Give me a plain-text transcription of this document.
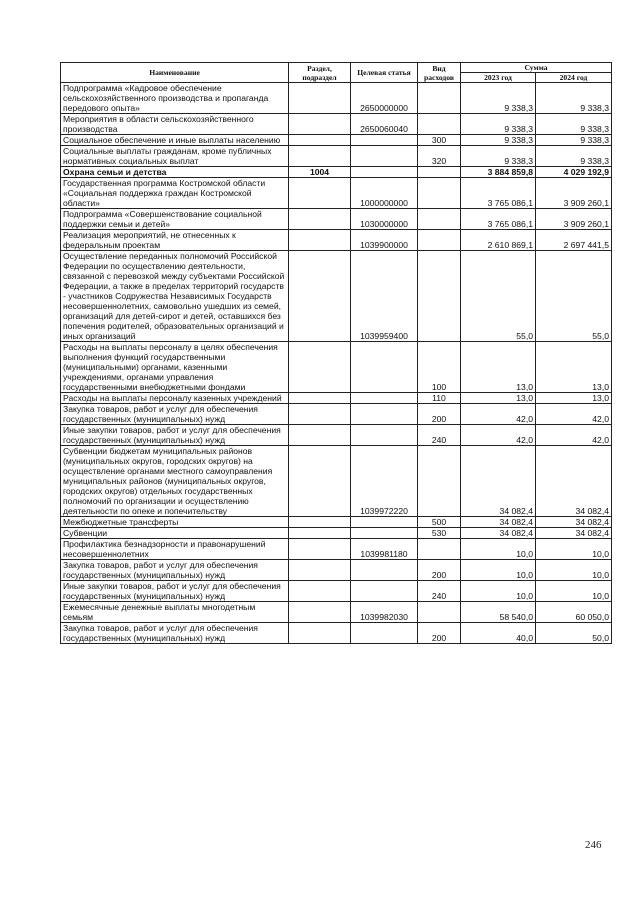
Наименование	Раздел, подраздел	Целевая статья	Вид расходов	Сумма	
				2023 год	2024 год
Подпрограмма «Кадровое обеспечение сельскохозяйственного производства и пропаганда передового опыта»		2650000000		9 338,3	9 338,3
Мероприятия в области сельскохозяйственного производства		2650060040		9 338,3	9 338,3
Социальное обеспечение и иные выплаты населению			300	9 338,3	9 338,3
Социальные выплаты гражданам, кроме публичных нормативных социальных выплат			320	9 338,3	9 338,3
Охрана семьи и детства	1004			3 884 859,8	4 029 192,9
Государственная программа Костромской области «Социальная поддержка граждан Костромской области»		1000000000		3 765 086,1	3 909 260,1
Подпрограмма «Совершенствование социальной поддержки семьи и детей»		1030000000		3 765 086,1	3 909 260,1
Реализация мероприятий, не отнесенных к федеральным проектам		1039900000		2 610 869,1	2 697 441,5
Осуществление переданных полномочий Российской Федерации по осуществлению деятельности, связанной с перевозкой между субъектами Российской Федерации, а также в пределах территорий государств - участников Содружества Независимых Государств несовершеннолетних, самовольно ушедших из семей, организаций для детей-сирот и детей, оставшихся без попечения родителей, образовательных организаций и иных организаций		1039959400		55,0	55,0
Расходы на выплаты персоналу в целях обеспечения выполнения функций государственными (муниципальными) органами, казенными учреждениями, органами управления государственными внебюджетными фондами			100	13,0	13,0
Расходы на выплаты персоналу казенных учреждений			110	13,0	13,0
Закупка товаров, работ и услуг для обеспечения государственных (муниципальных) нужд			200	42,0	42,0
Иные закупки товаров, работ и услуг для обеспечения государственных (муниципальных) нужд			240	42,0	42,0
Субвенции бюджетам муниципальных районов (муниципальных округов, городских округов) на осуществление органами местного самоуправления муниципальных районов (муниципальных округов, городских округов) отдельных государственных полномочий по организации и осуществлению деятельности по опеке и попечительству		1039972220		34 082,4	34 082,4
Межбюджетные трансферты			500	34 082,4	34 082,4
Субвенции			530	34 082,4	34 082,4
Профилактика безнадзорности и правонарушений несовершеннолетних		1039981180		10,0	10,0
Закупка товаров, работ и услуг для обеспечения государственных (муниципальных) нужд			200	10,0	10,0
Иные закупки товаров, работ и услуг для обеспечения государственных (муниципальных) нужд			240	10,0	10,0
Ежемесячные денежные выплаты многодетным семьям		1039982030		58 540,0	60 050,0
Закупка товаров, работ и услуг для обеспечения государственных (муниципальных) нужд			200	40,0	50,0
246
